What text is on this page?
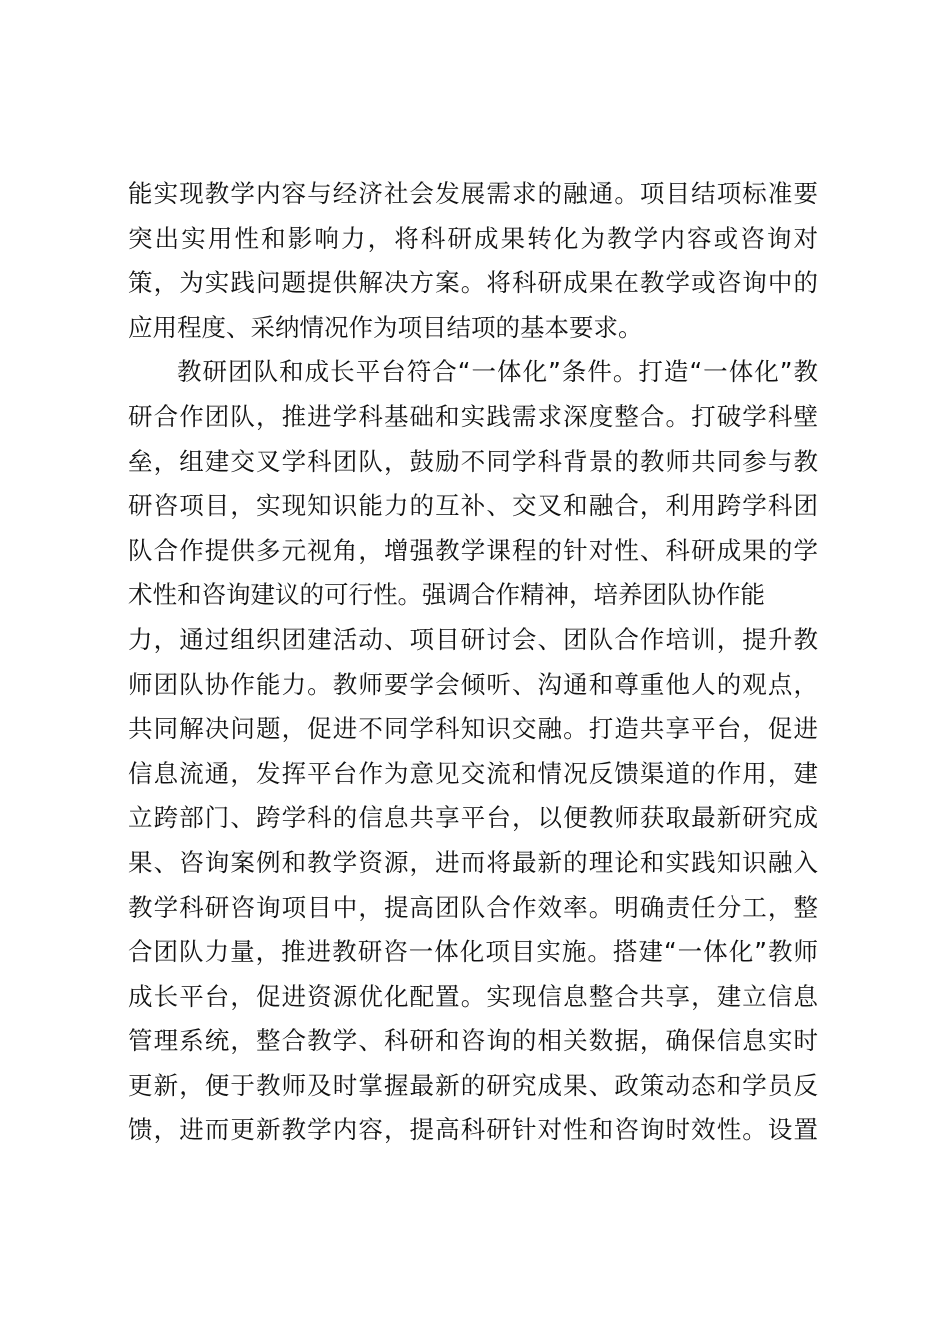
能实现教学内容与经济社会发展需求的融通。项目结项标准要
突出实用性和影响力，将科研成果转化为教学内容或咨询对
策，为实践问题提供解决方案。将科研成果在教学或咨询中的
应用程度、采纳情况作为项目结项的基本要求。
教研团队和成长平台符合“一体化”条件。打造“一体化”教
研合作团队，推进学科基础和实践需求深度整合。打破学科壁
垒，组建交叉学科团队，鼓励不同学科背景的教师共同参与教
研咨项目，实现知识能力的互补、交叉和融合，利用跨学科团
队合作提供多元视角，增强教学课程的针对性、科研成果的学
术性和咨询建议的可行性。强调合作精神，培养团队协作能
力，通过组织团建活动、项目研讨会、团队合作培训，提升教
师团队协作能力。教师要学会倾听、沟通和尊重他人的观点，
共同解决问题，促进不同学科知识交融。打造共享平台，促进
信息流通，发挥平台作为意见交流和情况反馈渠道的作用，建
立跨部门、跨学科的信息共享平台，以便教师获取最新研究成
果、咨询案例和教学资源，进而将最新的理论和实践知识融入
教学科研咨询项目中，提高团队合作效率。明确责任分工，整
合团队力量，推进教研咨一体化项目实施。搭建“一体化”教师
成长平台，促进资源优化配置。实现信息整合共享，建立信息
管理系统，整合教学、科研和咨询的相关数据，确保信息实时
更新，便于教师及时掌握最新的研究成果、政策动态和学员反
馈，进而更新教学内容，提高科研针对性和咨询时效性。设置
